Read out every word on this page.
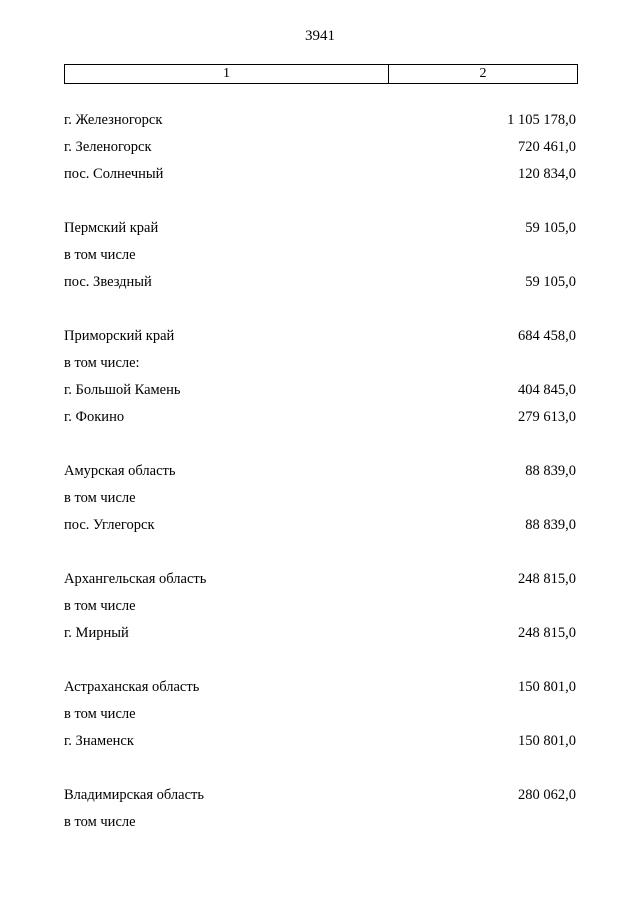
3941
1	2
г. Железногорск	1 105 178,0
г. Зеленогорск	720 461,0
пос. Солнечный	120 834,0
Пермский край	59 105,0
в том числе
пос. Звездный	59 105,0
Приморский край	684 458,0
в том числе:
г. Большой Камень	404 845,0
г. Фокино	279 613,0
Амурская область	88 839,0
в том числе
пос. Углегорск	88 839,0
Архангельская область	248 815,0
в том числе
г. Мирный	248 815,0
Астраханская область	150 801,0
в том числе
г. Знаменск	150 801,0
Владимирская область	280 062,0
в том числе
